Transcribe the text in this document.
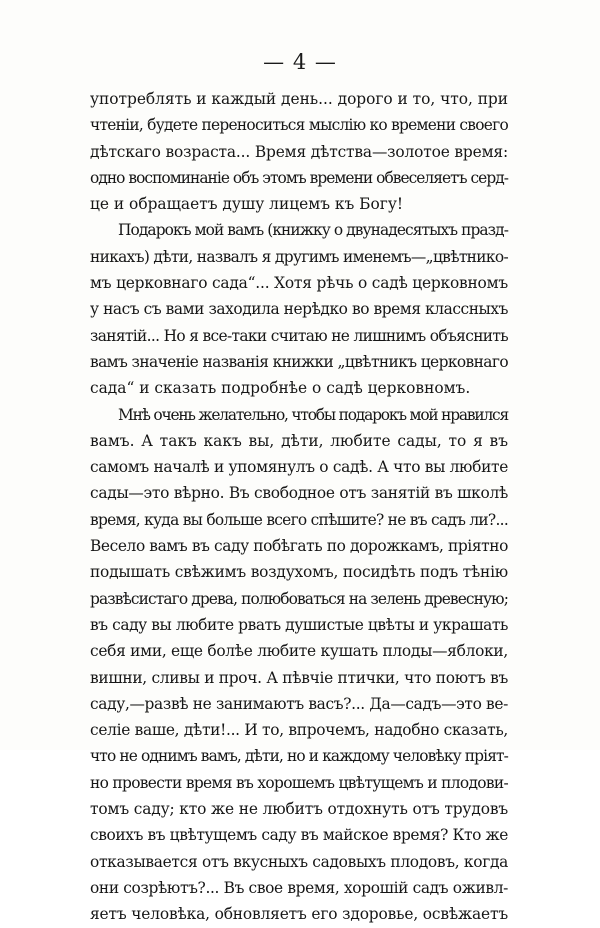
— 4 —
употреблять и каждый день... дорого и то, что, при
чтеніи, будете переноситься мыслію ко времени своего
дѣтскаго возраста... Время дѣтства—золотое время:
одно воспоминаніе объ этомъ времени обвеселяетъ серд-
це и обращаетъ душу лицемъ къ Богу!
Подарокъ мой вамъ (книжку о двунадесятыхъ празд-
никахъ) дѣти, назвалъ я другимъ именемъ—„цвѣтнико-
мъ церковнаго сада“... Хотя рѣчь о садѣ церковномъ
у насъ съ вами заходила нерѣдко во время классныхъ
занятій... Но я все-таки считаю не лишнимъ объяснить
вамъ значеніе названія книжки „цвѣтникъ церковнаго
сада“ и сказать подробнѣе о садѣ церковномъ.
Мнѣ очень желательно, чтобы подарокъ мой нравился
вамъ. А такъ какъ вы, дѣти, любите сады, то я въ
самомъ началѣ и упомянулъ о садѣ. А что вы любите
сады—это вѣрно. Въ свободное отъ занятій въ школѣ
время, куда вы больше всего спѣшите? не въ садъ ли?...
Весело вамъ въ саду побѣгать по дорожкамъ, пріятно
подышать свѣжимъ воздухомъ, посидѣть подъ тѣнію
развѣсистаго древа, полюбоваться на зелень древесную;
въ саду вы любите рвать душистые цвѣты и украшать
себя ими, еще болѣе любите кушать плоды—яблоки,
вишни, сливы и проч. А пѣвчіе птички, что поютъ въ
саду,—развѣ не занимаютъ васъ?... Да—садъ—это ве-
селіе ваше, дѣти!... И то, впрочемъ, надобно сказать,
что не однимъ вамъ, дѣти, но и каждому человѣку пріят-
но провести время въ хорошемъ цвѣтущемъ и плодови-
томъ саду; кто же не любитъ отдохнуть отъ трудовъ
своихъ въ цвѣтущемъ саду въ майское время? Кто же
отказывается отъ вкусныхъ садовыхъ плодовъ, когда
они созрѣютъ?... Въ свое время, хорошій садъ оживл-
яетъ человѣка, обновляетъ его здоровье, освѣжаетъ
